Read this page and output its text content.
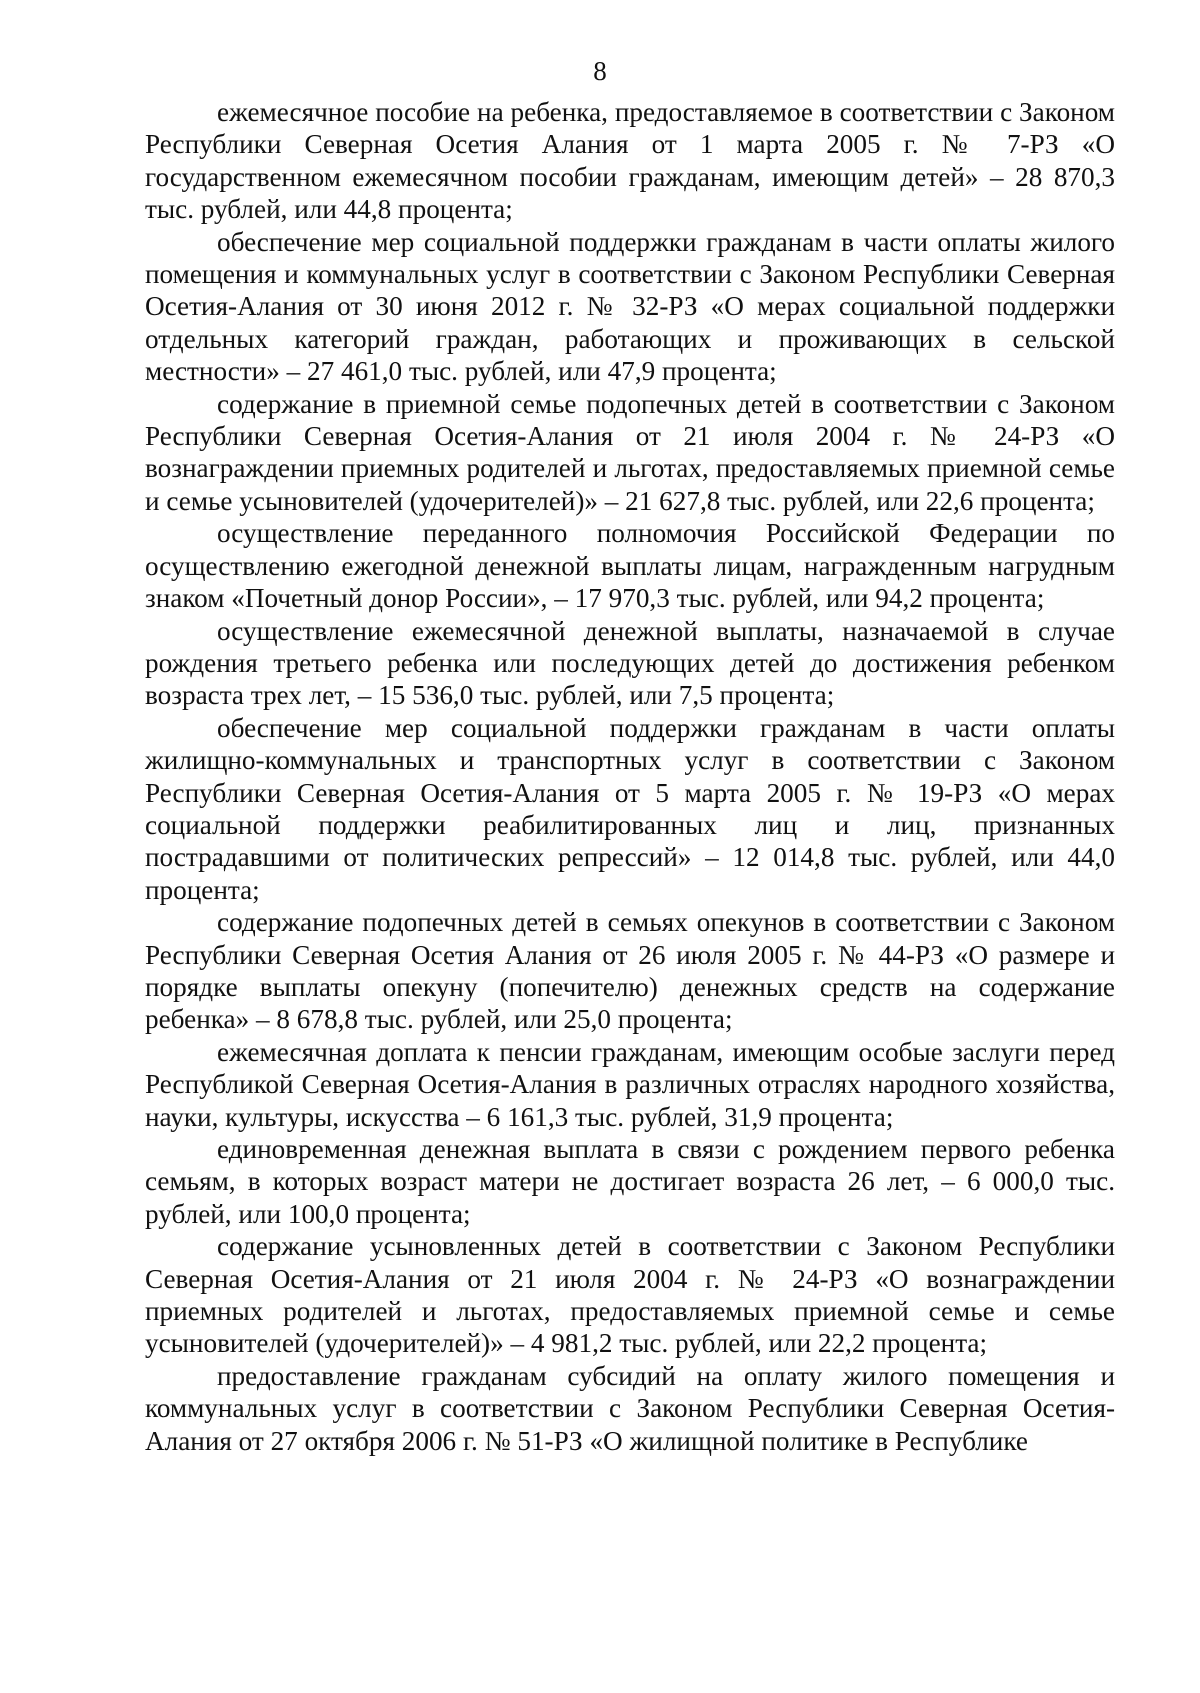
8

ежемесячное пособие на ребенка, предоставляемое в соответствии с Законом Республики Северная Осетия Алания от 1 марта 2005 г. № 7-РЗ «О государственном ежемесячном пособии гражданам, имеющим детей» – 28 870,3 тыс. рублей, или 44,8 процента;

обеспечение мер социальной поддержки гражданам в части оплаты жилого помещения и коммунальных услуг в соответствии с Законом Республики Северная Осетия-Алания от 30 июня 2012 г. № 32-РЗ «О мерах социальной поддержки отдельных категорий граждан, работающих и проживающих в сельской местности» – 27 461,0 тыс. рублей, или 47,9 процента;

содержание в приемной семье подопечных детей в соответствии с Законом Республики Северная Осетия-Алания от 21 июля 2004 г. № 24-РЗ «О вознаграждении приемных родителей и льготах, предоставляемых приемной семье и семье усыновителей (удочерителей)» – 21 627,8 тыс. рублей, или 22,6 процента;

осуществление переданного полномочия Российской Федерации по осуществлению ежегодной денежной выплаты лицам, награжденным нагрудным знаком «Почетный донор России», – 17 970,3 тыс. рублей, или 94,2 процента;

осуществление ежемесячной денежной выплаты, назначаемой в случае рождения третьего ребенка или последующих детей до достижения ребенком возраста трех лет, – 15 536,0 тыс. рублей, или 7,5 процента;

обеспечение мер социальной поддержки гражданам в части оплаты жилищно-коммунальных и транспортных услуг в соответствии с Законом Республики Северная Осетия-Алания от 5 марта 2005 г. № 19-РЗ «О мерах социальной поддержки реабилитированных лиц и лиц, признанных пострадавшими от политических репрессий» – 12 014,8 тыс. рублей, или 44,0 процента;

содержание подопечных детей в семьях опекунов в соответствии с Законом Республики Северная Осетия Алания от 26 июля 2005 г. № 44-РЗ «О размере и порядке выплаты опекуну (попечителю) денежных средств на содержание ребенка» – 8 678,8 тыс. рублей, или 25,0 процента;

ежемесячная доплата к пенсии гражданам, имеющим особые заслуги перед Республикой Северная Осетия-Алания в различных отраслях народного хозяйства, науки, культуры, искусства – 6 161,3 тыс. рублей, 31,9 процента;

единовременная денежная выплата в связи с рождением первого ребенка семьям, в которых возраст матери не достигает возраста 26 лет, – 6 000,0 тыс. рублей, или 100,0 процента;

содержание усыновленных детей в соответствии с Законом Республики Северная Осетия-Алания от 21 июля 2004 г. № 24-РЗ «О вознаграждении приемных родителей и льготах, предоставляемых приемной семье и семье усыновителей (удочерителей)» – 4 981,2 тыс. рублей, или 22,2 процента;

предоставление гражданам субсидий на оплату жилого помещения и коммунальных услуг в соответствии с Законом Республики Северная Осетия-Алания от 27 октября 2006 г. № 51-РЗ «О жилищной политике в Республике
